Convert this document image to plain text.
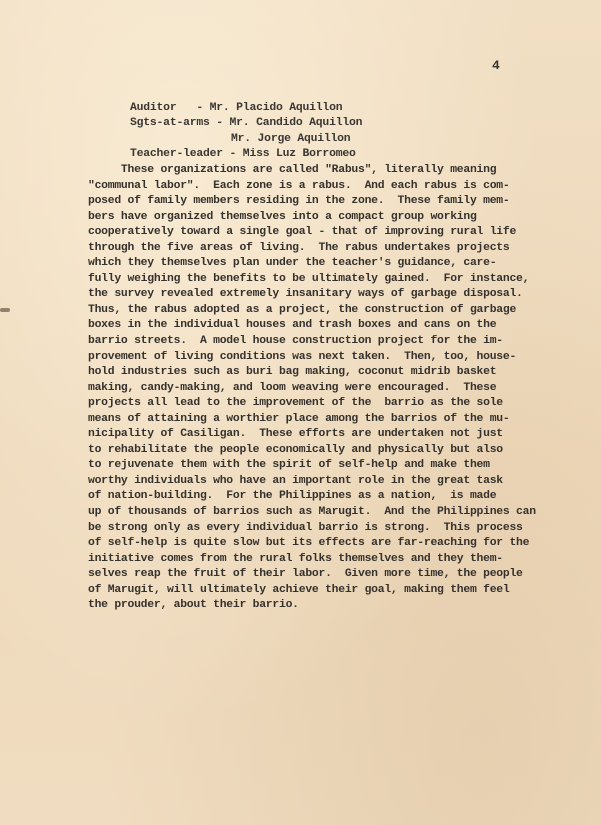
4
Auditor   - Mr. Placido Aquillon
Sgts-at-arms - Mr. Candido Aquillon
Mr. Jorge Aquillon
Teacher-leader - Miss Luz Borromeo
These organizations are called "Rabus", literally meaning
"communal labor".  Each zone is a rabus.  And each rabus is com-
posed of family members residing in the zone.  These family mem-
bers have organized themselves into a compact group working
cooperatively toward a single goal - that of improving rural life
through the five areas of living.  The rabus undertakes projects
which they themselves plan under the teacher's guidance, care-
fully weighing the benefits to be ultimately gained.  For instance,
the survey revealed extremely insanitary ways of garbage disposal.
Thus, the rabus adopted as a project, the construction of garbage
boxes in the individual houses and trash boxes and cans on the
barrio streets.  A model house construction project for the im-
provement of living conditions was next taken.  Then, too, house-
hold industries such as buri bag making, coconut midrib basket
making, candy-making, and loom weaving were encouraged.  These
projects all lead to the improvement of the  barrio as the sole
means of attaining a worthier place among the barrios of the mu-
nicipality of Casiligan.  These efforts are undertaken not just
to rehabilitate the people economically and physically but also
to rejuvenate them with the spirit of self-help and make them
worthy individuals who have an important role in the great task
of nation-building.  For the Philippines as a nation,  is made
up of thousands of barrios such as Marugit.  And the Philippines can
be strong only as every individual barrio is strong.  This process
of self-help is quite slow but its effects are far-reaching for the
initiative comes from the rural folks themselves and they them-
selves reap the fruit of their labor.  Given more time, the people
of Marugit, will ultimately achieve their goal, making them feel
the prouder, about their barrio.
